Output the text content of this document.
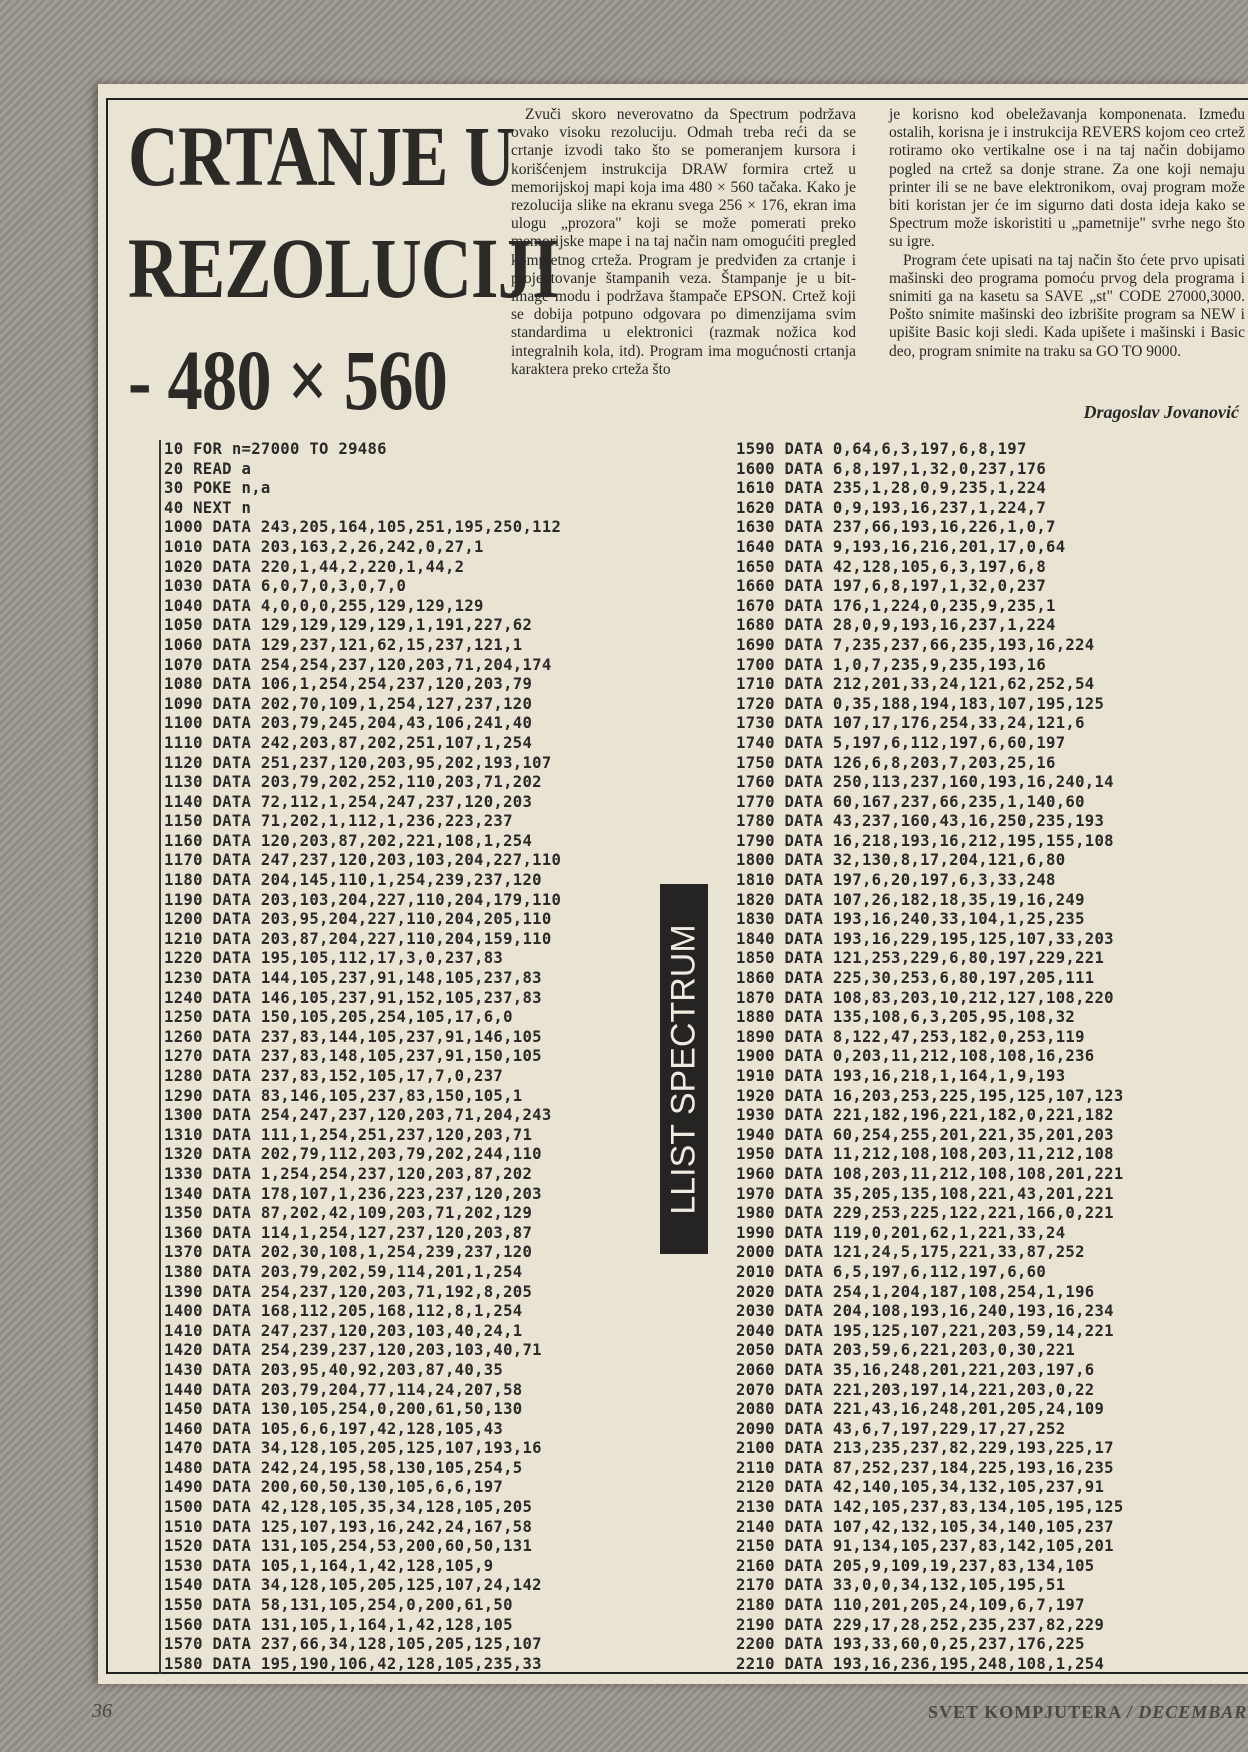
CRTANJE U
REZOLUCIJI
- 480 × 560

Zvuči skoro neverovatno da Spectrum podržava ovako visoku rezoluciju. Odmah treba reći da se crtanje izvodi tako što se pomeranjem kursora i korišćenjem instrukcija DRAW formira crtež u memorijskoj mapi koja ima 480 × 560 tačaka. Kako je rezolucija slike na ekranu svega 256 × 176, ekran ima ulogu „prozora" koji se može pomerati preko memorijske mape i na taj način nam omogućiti pregled kompletnog crteža. Program je predviđen za crtanje i projektovanje štampanih veza. Štampanje je u bit-image modu i podržava štampače EPSON. Crtež koji se dobija potpuno odgovara po dimenzijama svim standardima u elektronici (razmak nožica kod integralnih kola, itd). Program ima mogućnosti crtanja karaktera preko crteža što

je korisno kod obeležavanja komponenata. Između ostalih, korisna je i instrukcija REVERS kojom ceo crtež rotiramo oko vertikalne ose i na taj način dobijamo pogled na crtež sa donje strane. Za one koji nemaju printer ili se ne bave elektronikom, ovaj program može biti koristan jer će im sigurno dati dosta ideja kako se Spectrum može iskoristiti u „pametnije" svrhe nego što su igre.

Program ćete upisati na taj način što ćete prvo upisati mašinski deo programa pomoću prvog dela programa i snimiti ga na kasetu sa SAVE „st" CODE 27000,3000. Pošto snimite mašinski deo izbrišite program sa NEW i upišite Basic koji sledi. Kada upišete i mašinski i Basic deo, program snimite na traku sa GO TO 9000.

Dragoslav Jovanović
10 FOR n=27000 TO 29486
20 READ a
30 POKE n,a
40 NEXT n
1000 DATA 243,205,164,105,251,195,250,112
1010 DATA 203,163,2,26,242,0,27,1
1020 DATA 220,1,44,2,220,1,44,2
1030 DATA 6,0,7,0,3,0,7,0
1040 DATA 4,0,0,0,255,129,129,129
1050 DATA 129,129,129,129,1,191,227,62
1060 DATA 129,237,121,62,15,237,121,1
1070 DATA 254,254,237,120,203,71,204,174
1080 DATA 106,1,254,254,237,120,203,79
1090 DATA 202,70,109,1,254,127,237,120
1100 DATA 203,79,245,204,43,106,241,40
1110 DATA 242,203,87,202,251,107,1,254
1120 DATA 251,237,120,203,95,202,193,107
1130 DATA 203,79,202,252,110,203,71,202
1140 DATA 72,112,1,254,247,237,120,203
1150 DATA 71,202,1,112,1,236,223,237
1160 DATA 120,203,87,202,221,108,1,254
1170 DATA 247,237,120,203,103,204,227,110
1180 DATA 204,145,110,1,254,239,237,120
1190 DATA 203,103,204,227,110,204,179,110
1200 DATA 203,95,204,227,110,204,205,110
1210 DATA 203,87,204,227,110,204,159,110
1220 DATA 195,105,112,17,3,0,237,83
1230 DATA 144,105,237,91,148,105,237,83
1240 DATA 146,105,237,91,152,105,237,83
1250 DATA 150,105,205,254,105,17,6,0
1260 DATA 237,83,144,105,237,91,146,105
1270 DATA 237,83,148,105,237,91,150,105
1280 DATA 237,83,152,105,17,7,0,237
1290 DATA 83,146,105,237,83,150,105,1
1300 DATA 254,247,237,120,203,71,204,243
1310 DATA 111,1,254,251,237,120,203,71
1320 DATA 202,79,112,203,79,202,244,110
1330 DATA 1,254,254,237,120,203,87,202
1340 DATA 178,107,1,236,223,237,120,203
1350 DATA 87,202,42,109,203,71,202,129
1360 DATA 114,1,254,127,237,120,203,87
1370 DATA 202,30,108,1,254,239,237,120
1380 DATA 203,79,202,59,114,201,1,254
1390 DATA 254,237,120,203,71,192,8,205
1400 DATA 168,112,205,168,112,8,1,254
1410 DATA 247,237,120,203,103,40,24,1
1420 DATA 254,239,237,120,203,103,40,71
1430 DATA 203,95,40,92,203,87,40,35
1440 DATA 203,79,204,77,114,24,207,58
1450 DATA 130,105,254,0,200,61,50,130
1460 DATA 105,6,6,197,42,128,105,43
1470 DATA 34,128,105,205,125,107,193,16
1480 DATA 242,24,195,58,130,105,254,5
1490 DATA 200,60,50,130,105,6,6,197
1500 DATA 42,128,105,35,34,128,105,205
1510 DATA 125,107,193,16,242,24,167,58
1520 DATA 131,105,254,53,200,60,50,131
1530 DATA 105,1,164,1,42,128,105,9
1540 DATA 34,128,105,205,125,107,24,142
1550 DATA 58,131,105,254,0,200,61,50
1560 DATA 131,105,1,164,1,42,128,105
1570 DATA 237,66,34,128,105,205,125,107
1580 DATA 195,190,106,42,128,105,235,33
1590 DATA 0,64,6,3,197,6,8,197
1600 DATA 6,8,197,1,32,0,237,176
1610 DATA 235,1,28,0,9,235,1,224
1620 DATA 0,9,193,16,237,1,224,7
1630 DATA 237,66,193,16,226,1,0,7
1640 DATA 9,193,16,216,201,17,0,64
1650 DATA 42,128,105,6,3,197,6,8
1660 DATA 197,6,8,197,1,32,0,237
1670 DATA 176,1,224,0,235,9,235,1
1680 DATA 28,0,9,193,16,237,1,224
1690 DATA 7,235,237,66,235,193,16,224
1700 DATA 1,0,7,235,9,235,193,16
1710 DATA 212,201,33,24,121,62,252,54
1720 DATA 0,35,188,194,183,107,195,125
1730 DATA 107,17,176,254,33,24,121,6
1740 DATA 5,197,6,112,197,6,60,197
1750 DATA 126,6,8,203,7,203,25,16
1760 DATA 250,113,237,160,193,16,240,14
1770 DATA 60,167,237,66,235,1,140,60
1780 DATA 43,237,160,43,16,250,235,193
1790 DATA 16,218,193,16,212,195,155,108
1800 DATA 32,130,8,17,204,121,6,80
1810 DATA 197,6,20,197,6,3,33,248
1820 DATA 107,26,182,18,35,19,16,249
1830 DATA 193,16,240,33,104,1,25,235
1840 DATA 193,16,229,195,125,107,33,203
1850 DATA 121,253,229,6,80,197,229,221
1860 DATA 225,30,253,6,80,197,205,111
1870 DATA 108,83,203,10,212,127,108,220
1880 DATA 135,108,6,3,205,95,108,32
1890 DATA 8,122,47,253,182,0,253,119
1900 DATA 0,203,11,212,108,108,16,236
1910 DATA 193,16,218,1,164,1,9,193
1920 DATA 16,203,253,225,195,125,107,123
1930 DATA 221,182,196,221,182,0,221,182
1940 DATA 60,254,255,201,221,35,201,203
1950 DATA 11,212,108,108,203,11,212,108
1960 DATA 108,203,11,212,108,108,201,221
1970 DATA 35,205,135,108,221,43,201,221
1980 DATA 229,253,225,122,221,166,0,221
1990 DATA 119,0,201,62,1,221,33,24
2000 DATA 121,24,5,175,221,33,87,252
2010 DATA 6,5,197,6,112,197,6,60
2020 DATA 254,1,204,187,108,254,1,196
2030 DATA 204,108,193,16,240,193,16,234
2040 DATA 195,125,107,221,203,59,14,221
2050 DATA 203,59,6,221,203,0,30,221
2060 DATA 35,16,248,201,221,203,197,6
2070 DATA 221,203,197,14,221,203,0,22
2080 DATA 221,43,16,248,201,205,24,109
2090 DATA 43,6,7,197,229,17,27,252
2100 DATA 213,235,237,82,229,193,225,17
2110 DATA 87,252,237,184,225,193,16,235
2120 DATA 42,140,105,34,132,105,237,91
2130 DATA 142,105,237,83,134,105,195,125
2140 DATA 107,42,132,105,34,140,105,237
2150 DATA 91,134,105,237,83,142,105,201
2160 DATA 205,9,109,19,237,83,134,105
2170 DATA 33,0,0,34,132,105,195,51
2180 DATA 110,201,205,24,109,6,7,197
2190 DATA 229,17,28,252,235,237,82,229
2200 DATA 193,33,60,0,25,237,176,225
2210 DATA 193,16,236,195,248,108,1,254
LLIST SPECTRUM
36	SVET KOMPJUTERA / DECEMBAR
